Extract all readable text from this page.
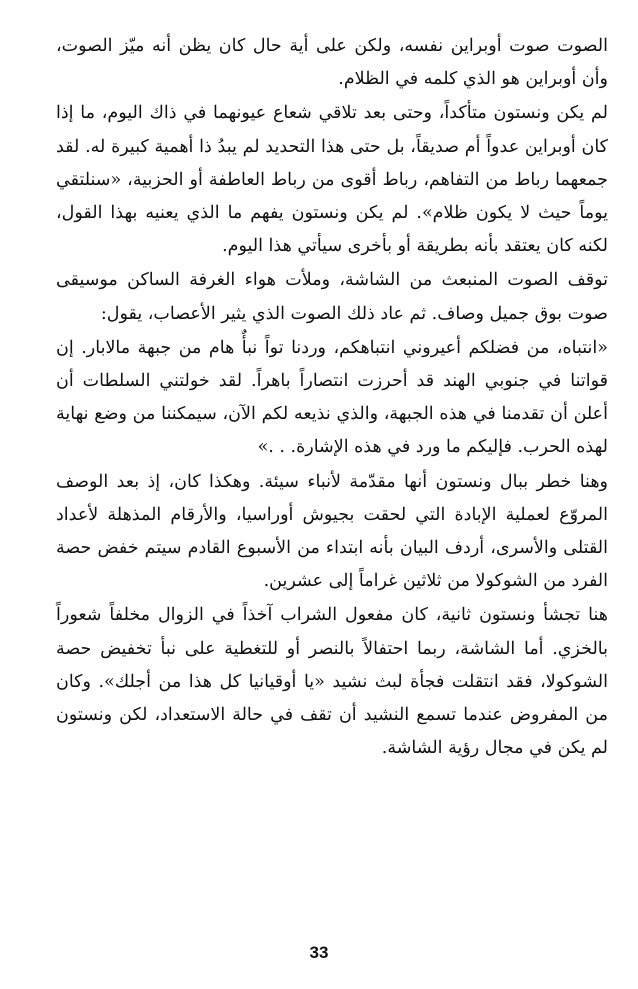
الصوت صوت أوبراين نفسه، ولكن على أية حال كان يظن أنه ميّز الصوت، وأن أوبراين هو الذي كلمه في الظلام.

لم يكن ونستون متأكداً، وحتى بعد تلاقي شعاع عيونهما في ذاك اليوم، ما إذا كان أوبراين عدواً أم صديقاً، بل حتى هذا التحديد لم يبدُ ذا أهمية كبيرة له. لقد جمعهما رباط من التفاهم، رباط أقوى من رباط العاطفة أو الحزبية، «سنلتقي يوماً حيث لا يكون ظلام». لم يكن ونستون يفهم ما الذي يعنيه بهذا القول، لكنه كان يعتقد بأنه بطريقة أو بأخرى سيأتي هذا اليوم.

توقف الصوت المنبعث من الشاشة، وملأت هواء الغرفة الساكن موسيقى صوت بوق جميل وصاف. ثم عاد ذلك الصوت الذي يثير الأعصاب، يقول:

«انتباه، من فضلكم أعيروني انتباهكم، وردنا تواً نبأٌ هام من جبهة مالابار. إن قواتنا في جنوبي الهند قد أحرزت انتصاراً باهراً. لقد خولتني السلطات أن أعلن أن تقدمنا في هذه الجبهة، والذي نذيعه لكم الآن، سيمكننا من وضع نهاية لهذه الحرب. فإليكم ما ورد في هذه الإشارة. . .»

وهنا خطر ببال ونستون أنها مقدّمة لأنباء سيئة. وهكذا كان، إذ بعد الوصف المروّع لعملية الإبادة التي لحقت بجيوش أوراسيا، والأرقام المذهلة لأعداد القتلى والأسرى، أردف البيان بأنه ابتداء من الأسبوع القادم سيتم خفض حصة الفرد من الشوكولا من ثلاثين غراماً إلى عشرين.

هنا تجشأ ونستون ثانية، كان مفعول الشراب آخذاً في الزوال مخلفاً شعوراً بالخزي. أما الشاشة، ربما احتفالاً بالنصر أو للتغطية على نبأ تخفيض حصة الشوكولا، فقد انتقلت فجأة لبث نشيد «يا أوقيانيا كل هذا من أجلك». وكان من المفروض عندما تسمع النشيد أن تقف في حالة الاستعداد، لكن ونستون لم يكن في مجال رؤية الشاشة.

33
